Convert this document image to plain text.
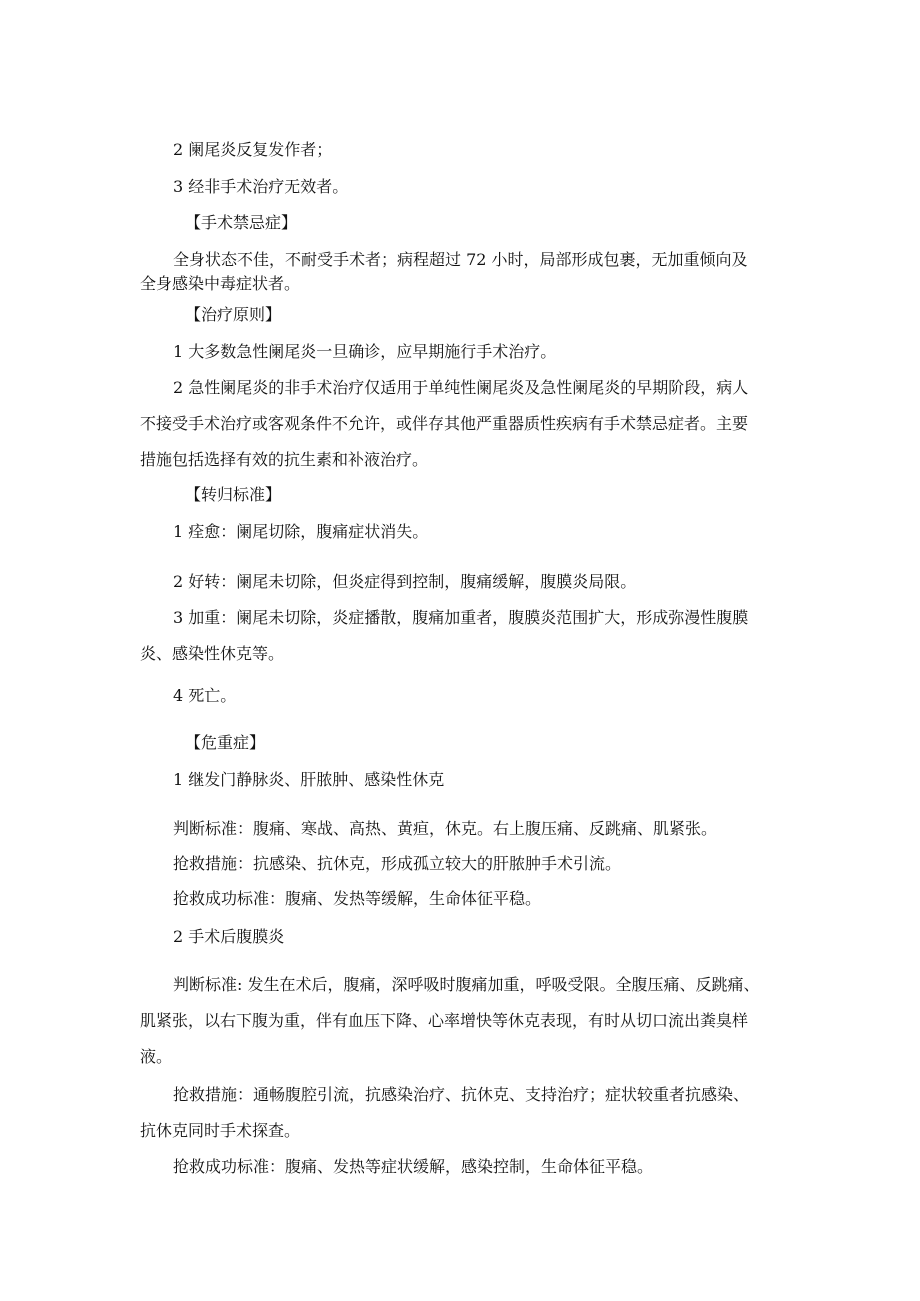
2 阑尾炎反复发作者；
3 经非手术治疗无效者。
【手术禁忌症】
全身状态不佳，不耐受手术者；病程超过 72 小时，局部形成包裹，无加重倾向及
全身感染中毒症状者。
【治疗原则】
1 大多数急性阑尾炎一旦确诊，应早期施行手术治疗。
2 急性阑尾炎的非手术治疗仅适用于单纯性阑尾炎及急性阑尾炎的早期阶段，病人
不接受手术治疗或客观条件不允许，或伴存其他严重器质性疾病有手术禁忌症者。主要
措施包括选择有效的抗生素和补液治疗。
【转归标准】
1 痊愈：阑尾切除，腹痛症状消失。
2 好转：阑尾未切除，但炎症得到控制，腹痛缓解，腹膜炎局限。
3 加重：阑尾未切除，炎症播散，腹痛加重者，腹膜炎范围扩大，形成弥漫性腹膜
炎、感染性休克等。
4 死亡。
【危重症】
1 继发门静脉炎、肝脓肿、感染性休克
判断标准：腹痛、寒战、高热、黄疸，休克。右上腹压痛、反跳痛、肌紧张。
抢救措施：抗感染、抗休克，形成孤立较大的肝脓肿手术引流。
抢救成功标准：腹痛、发热等缓解，生命体征平稳。
2 手术后腹膜炎
判断标准: 发生在术后，腹痛，深呼吸时腹痛加重，呼吸受限。全腹压痛、反跳痛、
肌紧张，以右下腹为重，伴有血压下降、心率增快等休克表现，有时从切口流出粪臭样
液。
抢救措施：通畅腹腔引流，抗感染治疗、抗休克、支持治疗；症状较重者抗感染、
抗休克同时手术探查。
抢救成功标准：腹痛、发热等症状缓解，感染控制，生命体征平稳。
